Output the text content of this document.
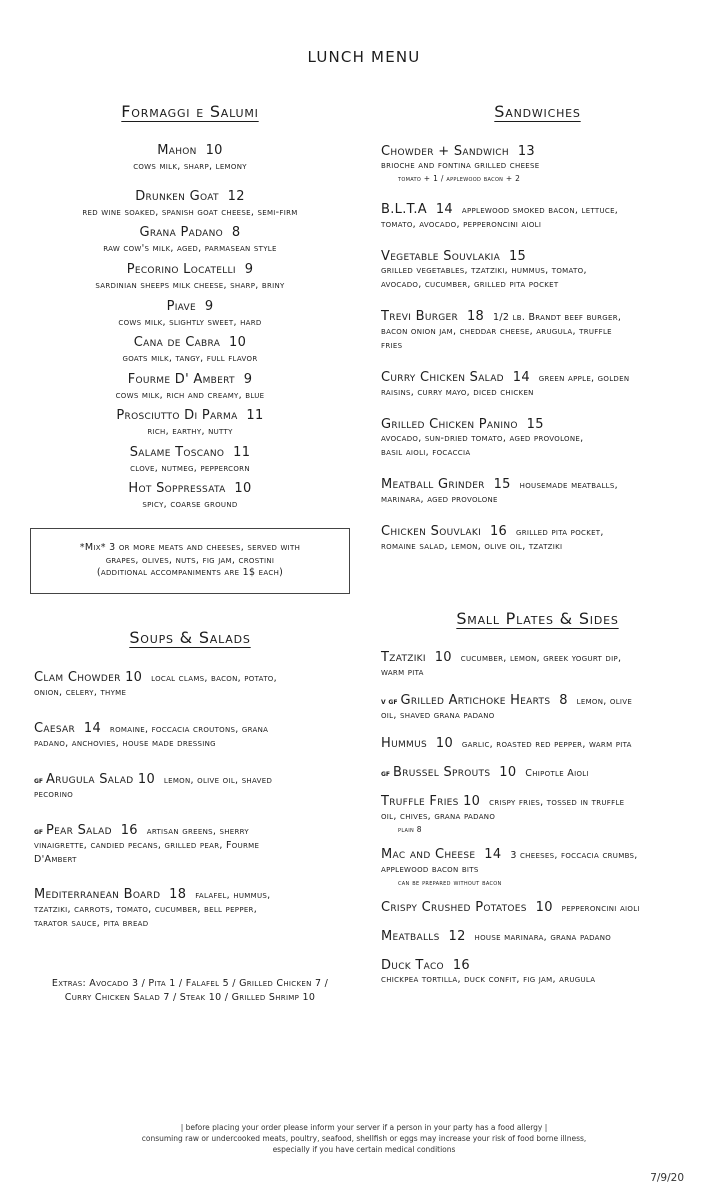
LUNCH MENU
Formaggi e Salumi
Mahon 10
cows milk, sharp, lemony
Drunken Goat 12
red wine soaked, spanish goat cheese, semi-firm
Grana Padano 8
raw cow's milk, aged, parmasean style
Pecorino Locatelli 9
sardinian sheeps milk cheese, sharp, briny
Piave 9
cows milk, slightly sweet, hard
Cana de Cabra 10
goats milk, tangy, full flavor
Fourme D' Ambert 9
cows milk, rich and creamy, blue
Prosciutto Di Parma 11
rich, earthy, nutty
Salame Toscano 11
clove, nutmeg, peppercorn
Hot Soppressata 10
spicy, coarse ground
*Mix* 3 or more meats and cheeses, served with
grapes, olives, nuts, fig jam, crostini
(additional accompaniments are 1$ each)
Soups & Salads
Clam Chowder 10 local clams, bacon, potato,
onion, celery, thyme
Caesar 14 romaine, foccacia croutons, grana
padano, anchovies, house made dressing
gf Arugula Salad 10 lemon, olive oil, shaved
pecorino
gf Pear Salad 16 artisan greens, sherry
vinaigrette, candied pecans, grilled pear, Fourme
D'Ambert
Mediterranean Board 18 falafel, hummus,
tzatziki, carrots, tomato, cucumber, bell pepper,
tarator sauce, pita bread
Extras: Avocado 3 / Pita 1 / Falafel 5 / Grilled Chicken 7 /
Curry Chicken Salad 7 / Steak 10 / Grilled Shrimp 10
Sandwiches
Chowder + Sandwich 13
brioche and fontina grilled cheese
tomato + 1 / applewood bacon + 2
B.L.T.A 14 applewood smoked bacon, lettuce,
tomato, avocado, pepperoncini aioli
Vegetable Souvlakia 15
grilled vegetables, tzatziki, hummus, tomato,
avocado, cucumber, grilled pita pocket
Trevi Burger 18 1/2 lb. Brandt beef burger,
bacon onion jam, cheddar cheese, arugula, truffle
fries
Curry Chicken Salad 14 green apple, golden
raisins, curry mayo, diced chicken
Grilled Chicken Panino 15
avocado, sun-dried tomato, aged provolone,
basil aioli, focaccia
Meatball Grinder 15 housemade meatballs,
marinara, aged provolone
Chicken Souvlaki 16 grilled pita pocket,
romaine salad, lemon, olive oil, tzatziki
Small Plates & Sides
Tzatziki 10 cucumber, lemon, greek yogurt dip,
warm pita
v gf Grilled Artichoke Hearts 8 lemon, olive
oil, shaved grana padano
Hummus 10 garlic, roasted red pepper, warm pita
gf Brussel Sprouts 10 Chipotle Aioli
Truffle Fries 10 crispy fries, tossed in truffle
oil, chives, grana padano
plain 8
Mac and Cheese 14 3 cheeses, foccacia crumbs,
applewood bacon bits
can be prepared without bacon
Crispy Crushed Potatoes 10 pepperoncini aioli
Meatballs 12 house marinara, grana padano
Duck Taco 16
chickpea tortilla, duck confit, fig jam, arugula
| before placing your order please inform your server if a person in your party has a food allergy |
consuming raw or undercooked meats, poultry, seafood, shellfish or eggs may increase your risk of food borne illness,
especially if you have certain medical conditions
7/9/20
